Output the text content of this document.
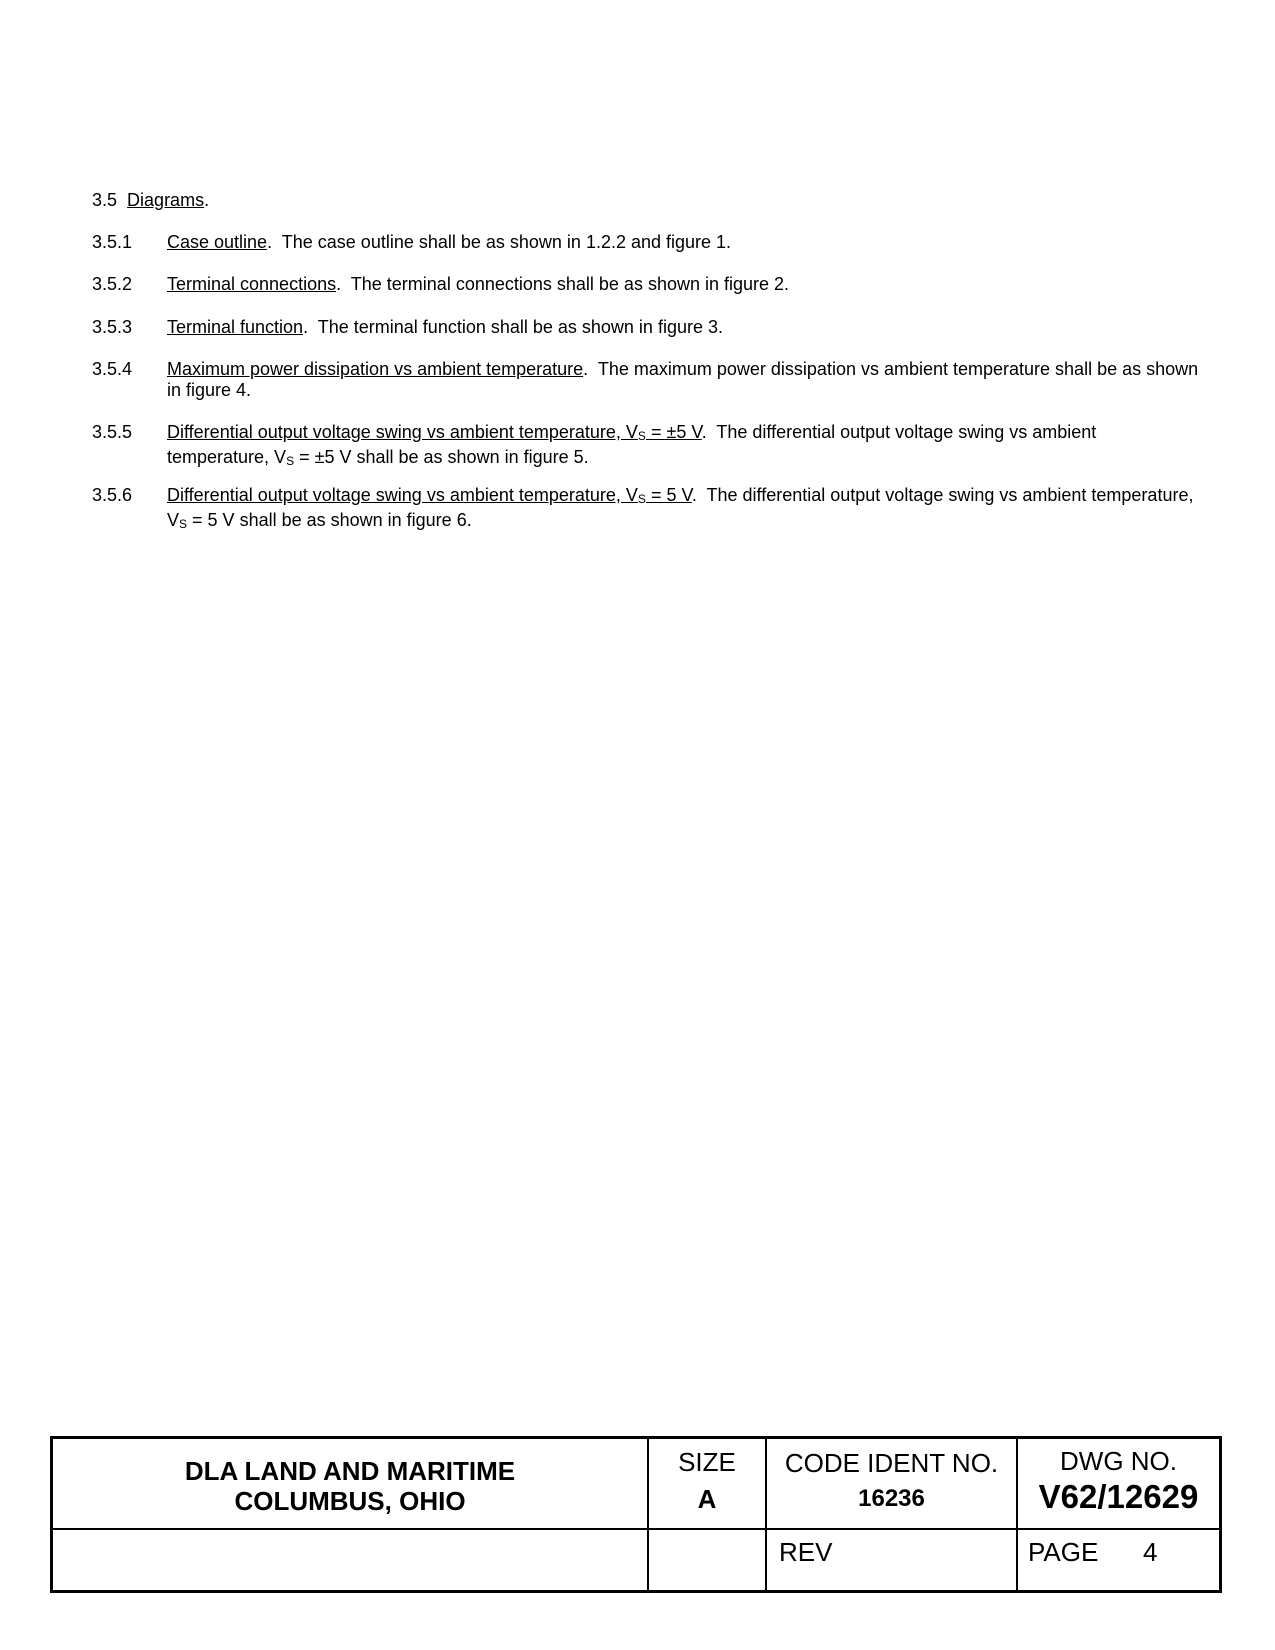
3.5 Diagrams.
3.5.1 Case outline.  The case outline shall be as shown in 1.2.2 and figure 1.
3.5.2 Terminal connections.  The terminal connections shall be as shown in figure 2.
3.5.3 Terminal function.  The terminal function shall be as shown in figure 3.
3.5.4 Maximum power dissipation vs ambient temperature.  The maximum power dissipation vs ambient temperature shall be as shown in figure 4.
3.5.5 Differential output voltage swing vs ambient temperature, VS = ±5 V.  The differential output voltage swing vs ambient temperature, VS = ±5 V shall be as shown in figure 5.
3.5.6 Differential output voltage swing vs ambient temperature, VS = 5 V.  The differential output voltage swing vs ambient temperature, VS = 5 V shall be as shown in figure 6.
DLA LAND AND MARITIME
COLUMBUS, OHIO
SIZE
A
CODE IDENT NO.
16236
DWG NO.
V62/12629
REV	PAGE 4
